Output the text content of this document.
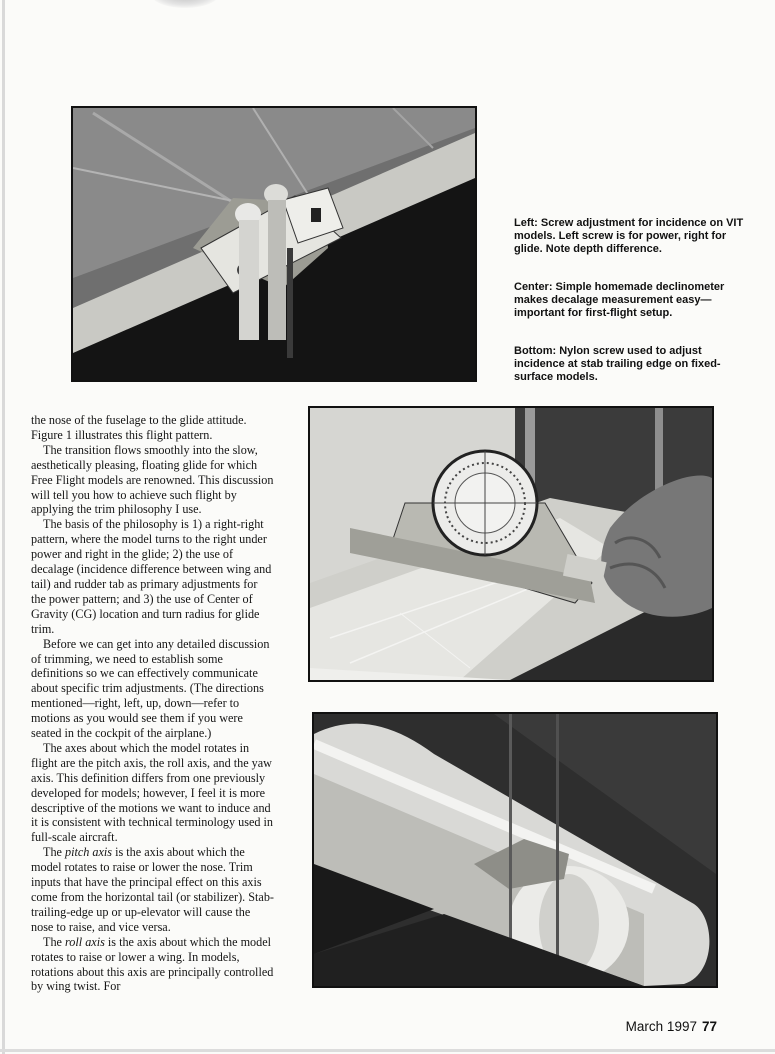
Left: Screw adjustment for incidence on VIT models. Left screw is for power, right for glide. Note depth difference.

Center: Simple homemade declinometer makes decalage measurement easy—important for first-flight setup.

Bottom: Nylon screw used to adjust incidence at stab trailing edge on fixed-surface models.

the nose of the fuselage to the glide attitude. Figure 1 illustrates this flight pattern.

The transition flows smoothly into the slow, aesthetically pleasing, floating glide for which Free Flight models are renowned. This discussion will tell you how to achieve such flight by applying the trim philosophy I use.

The basis of the philosophy is 1) a right-right pattern, where the model turns to the right under power and right in the glide; 2) the use of decalage (incidence difference between wing and tail) and rudder tab as primary adjustments for the power pattern; and 3) the use of Center of Gravity (CG) location and turn radius for glide trim.

Before we can get into any detailed discussion of trimming, we need to establish some definitions so we can effectively communicate about specific trim adjustments. (The directions mentioned—right, left, up, down—refer to motions as you would see them if you were seated in the cockpit of the airplane.)

The axes about which the model rotates in flight are the pitch axis, the roll axis, and the yaw axis. This definition differs from one previously developed for models; however, I feel it is more descriptive of the motions we want to induce and it is consistent with technical terminology used in full-scale aircraft.

The pitch axis is the axis about which the model rotates to raise or lower the nose. Trim inputs that have the principal effect on this axis come from the horizontal tail (or stabilizer). Stab-trailing-edge up or up-elevator will cause the nose to raise, and vice versa.

The roll axis is the axis about which the model rotates to raise or lower a wing. In models, rotations about this axis are principally controlled by wing twist. For

March 1997 77
